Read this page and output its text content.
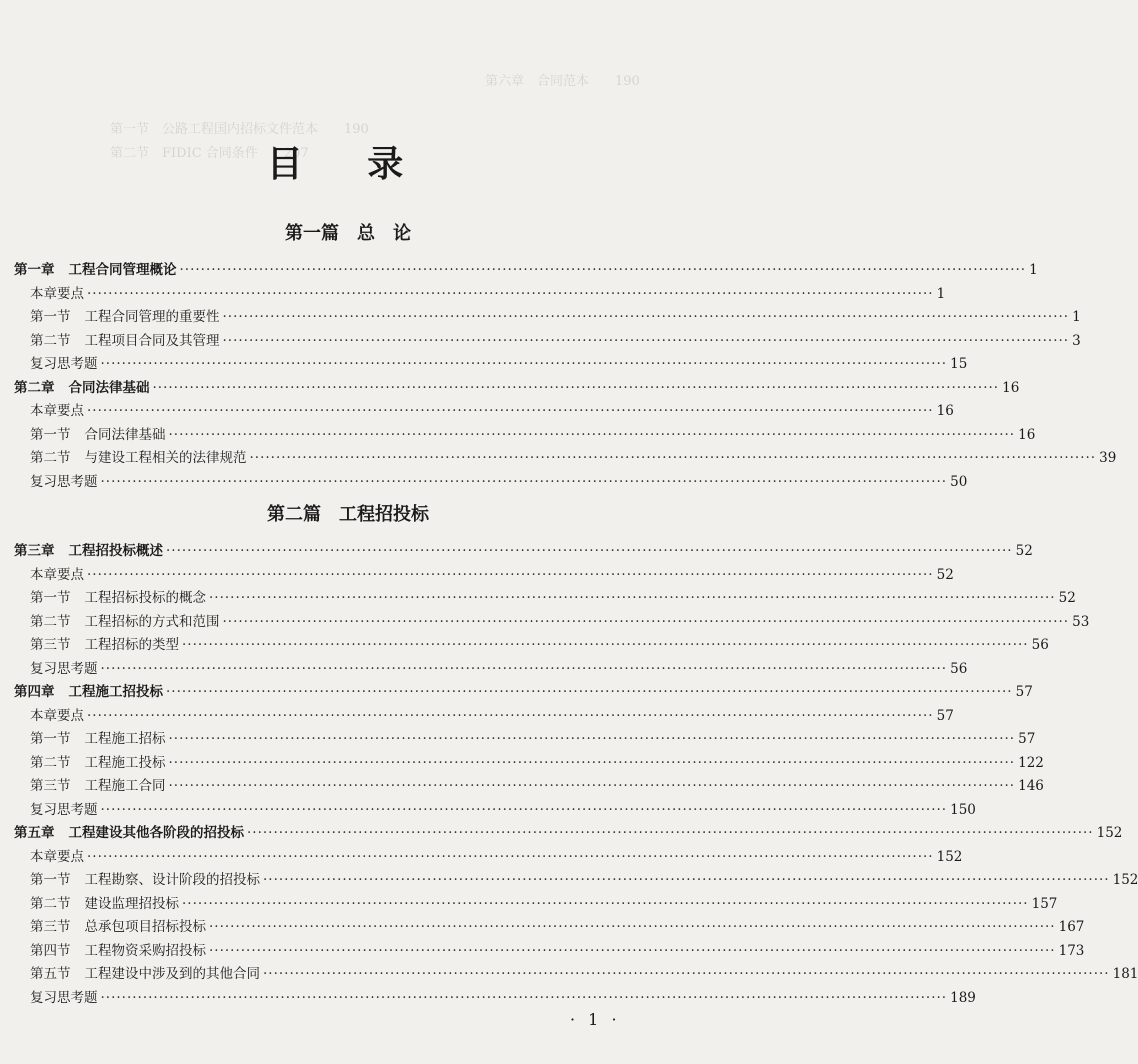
第六章　合同范本　　190
第一节　公路工程国内招标文件范本　　190
第二节　FIDIC 合同条件　　207
目 录
第一篇　总　论
第二篇　工程招投标
第一章 工程合同管理概论 ································································································································································ 1
本章要点 ································································································································································ 1
第一节 工程合同管理的重要性 ································································································································································ 1
第二节 工程项目合同及其管理 ································································································································································ 3
复习思考题 ································································································································································ 15
第二章 合同法律基础 ································································································································································ 16
本章要点 ································································································································································ 16
第一节 合同法律基础 ································································································································································ 16
第二节 与建设工程相关的法律规范 ································································································································································ 39
复习思考题 ································································································································································ 50
第三章 工程招投标概述 ································································································································································ 52
本章要点 ································································································································································ 52
第一节 工程招标投标的概念 ································································································································································ 52
第二节 工程招标的方式和范围 ································································································································································ 53
第三节 工程招标的类型 ································································································································································ 56
复习思考题 ································································································································································ 56
第四章 工程施工招投标 ································································································································································ 57
本章要点 ································································································································································ 57
第一节 工程施工招标 ································································································································································ 57
第二节 工程施工投标 ································································································································································ 122
第三节 工程施工合同 ································································································································································ 146
复习思考题 ································································································································································ 150
第五章 工程建设其他各阶段的招投标 ································································································································································ 152
本章要点 ································································································································································ 152
第一节 工程勘察、设计阶段的招投标 ································································································································································ 152
第二节 建设监理招投标 ································································································································································ 157
第三节 总承包项目招标投标 ································································································································································ 167
第四节 工程物资采购招投标 ································································································································································ 173
第五节 工程建设中涉及到的其他合同 ································································································································································ 181
复习思考题 ································································································································································ 189
· 1 ·
